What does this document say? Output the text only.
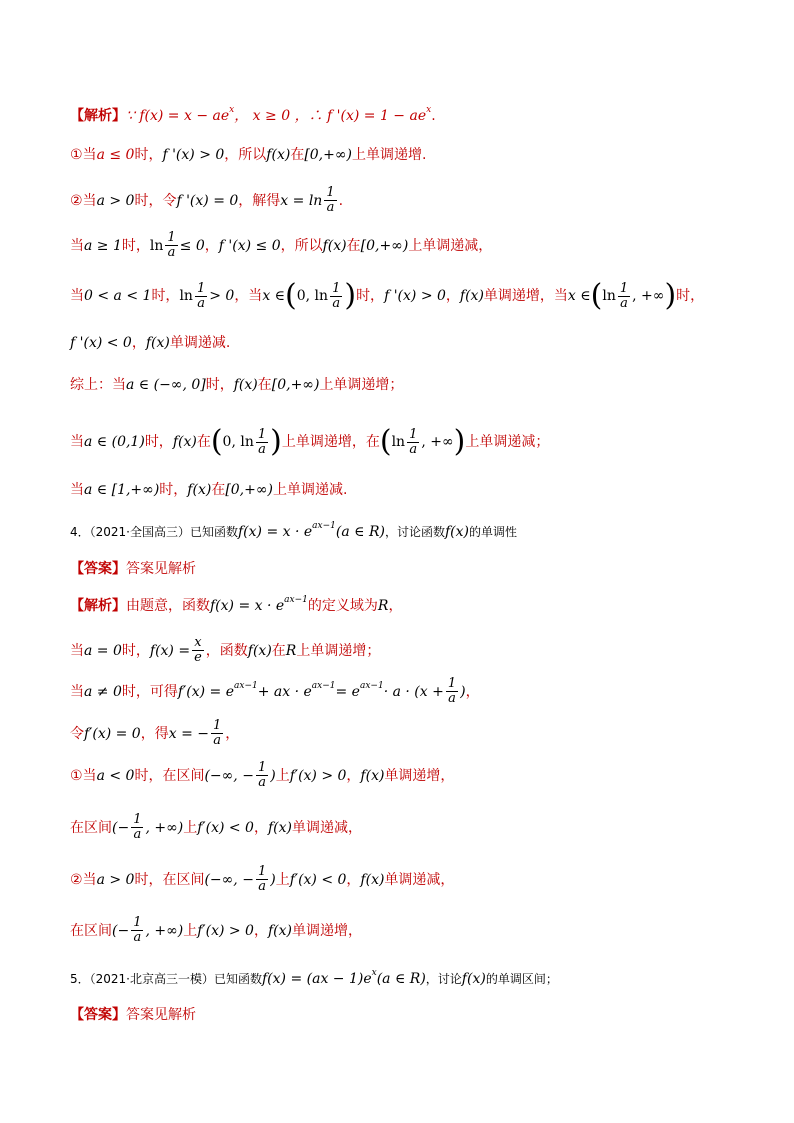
【解析】 ∵ f(x) = x − ae x ， x ≥ 0 ，∴ f '(x) = 1 − ae x .
①当 a ≤ 0 时， f '(x) > 0 ，所以 f(x) 在 [0,+∞) 上单调递增.
②当 a > 0 时，令 f '(x) = 0 ，解得 $x = \ln \frac{1}{a}$ .
当 a ≥ 1 时， $\ln \frac{1}{a} \le 0$ ， f '(x) ≤ 0 ，所以 f(x) 在 [0,+∞) 上单调递减，
当 0 < a < 1 时， $\ln \frac{1}{a} > 0$ ，当 x ∈ ( 0, $\ln \frac{1}{a}$ ) 时， f '(x) > 0 ， f(x) 单调递增，当 x ∈ ( $\ln \frac{1}{a}$ , +∞ ) 时，
f '(x) < 0 ， f(x) 单调递减.
综上：当 a ∈ (−∞, 0] 时， f(x) 在 [0,+∞) 上单调递增；
当 a ∈ (0,1) 时， f(x) 在 ( 0, $\ln \frac{1}{a}$ ) 上单调递增，在 ( $\ln \frac{1}{a}$ , +∞ ) 上单调递减；
当 a ∈ [1,+∞) 时， f(x) 在 [0,+∞) 上单调递减.
4．（2021·全国高三）已知函数 f(x) = x · e ax−1 (a ∈ R) ，讨论函数 f(x) 的单调性
【答案】 答案见解析
【解析】 由题意，函数 f(x) = x · e ax−1 的定义域为 R ，
当 a = 0 时， $f(x) = \frac{x}{e}$ ，函数 f(x) 在 R 上单调递增；
当 a ≠ 0 时，可得 f′(x) = e ax−1 + ax · e ax−1 = e $ax-1 \cdot a \cdot (x + \frac{1}{a}$ ) ，
令 f′(x) = 0 ，得 x = − $\frac{1}{a}$ ，
①当 a < 0 时，在区间 (−∞, − $\frac{1}{a}$ ) 上 f′(x) > 0 ， f(x) 单调递增，
在区间 (− $\frac{1}{a}$ , +∞) 上 f′(x) < 0 ， f(x) 单调递减，
②当 a > 0 时，在区间 (−∞, − $\frac{1}{a}$ ) 上 f′(x) < 0 ， f(x) 单调递减，
在区间 (− $\frac{1}{a}$ , +∞) 上 f′(x) > 0 ， f(x) 单调递增，
5．（2021·北京高三一模）已知函数 f(x) = (ax − 1)e x (a ∈ R) ，讨论 f(x) 的单调区间；
【答案】 答案见解析
